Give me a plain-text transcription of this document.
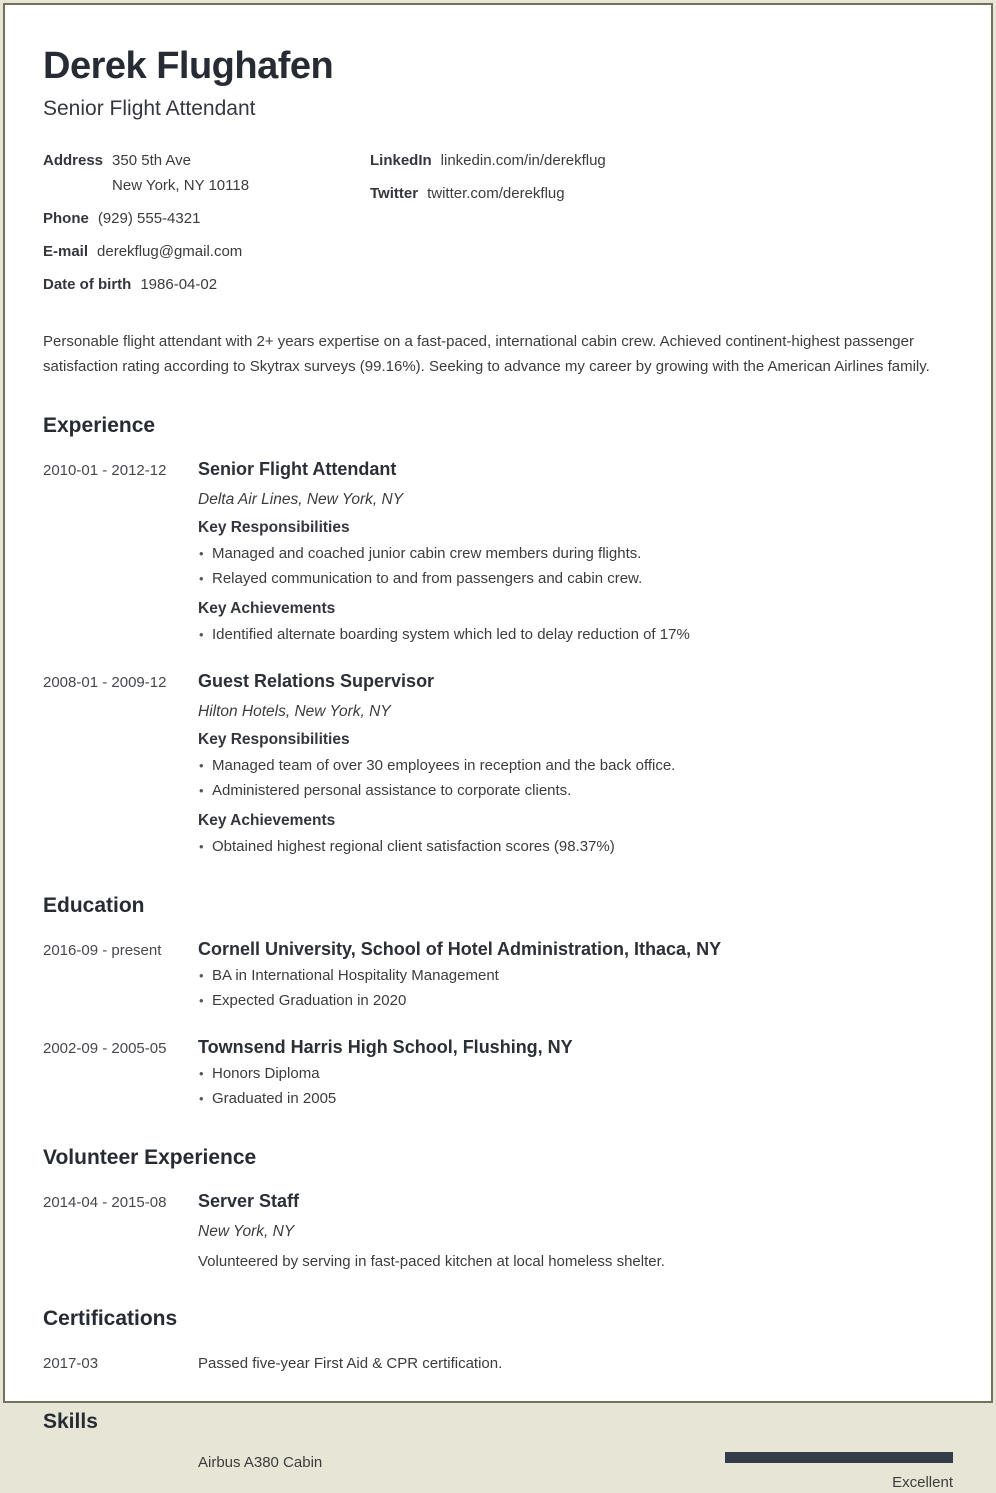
Derek Flughafen
Senior Flight Attendant
Address 350 5th Ave
New York, NY 10118
Phone (929) 555-4321
E-mail derekflug@gmail.com
Date of birth 1986-04-02
LinkedIn linkedin.com/in/derekflug
Twitter twitter.com/derekflug

Personable flight attendant with 2+ years expertise on a fast-paced, international cabin crew. Achieved continent-highest passenger satisfaction rating according to Skytrax surveys (99.16%). Seeking to advance my career by growing with the American Airlines family.

Experience
2010-01 - 2012-12	Senior Flight Attendant
Delta Air Lines, New York, NY
Key Responsibilities
• Managed and coached junior cabin crew members during flights.
• Relayed communication to and from passengers and cabin crew.
Key Achievements
• Identified alternate boarding system which led to delay reduction of 17%
2008-01 - 2009-12	Guest Relations Supervisor
Hilton Hotels, New York, NY
Key Responsibilities
• Managed team of over 30 employees in reception and the back office.
• Administered personal assistance to corporate clients.
Key Achievements
• Obtained highest regional client satisfaction scores (98.37%)
Education
2016-09 - present	Cornell University, School of Hotel Administration, Ithaca, NY
• BA in International Hospitality Management
• Expected Graduation in 2020
2002-09 - 2005-05	Townsend Harris High School, Flushing, NY
• Honors Diploma
• Graduated in 2005
Volunteer Experience
2014-04 - 2015-08	Server Staff
New York, NY
Volunteered by serving in fast-paced kitchen at local homeless shelter.
Certifications
2017-03	Passed five-year First Aid & CPR certification.
Skills
Airbus A380 Cabin
Excellent
